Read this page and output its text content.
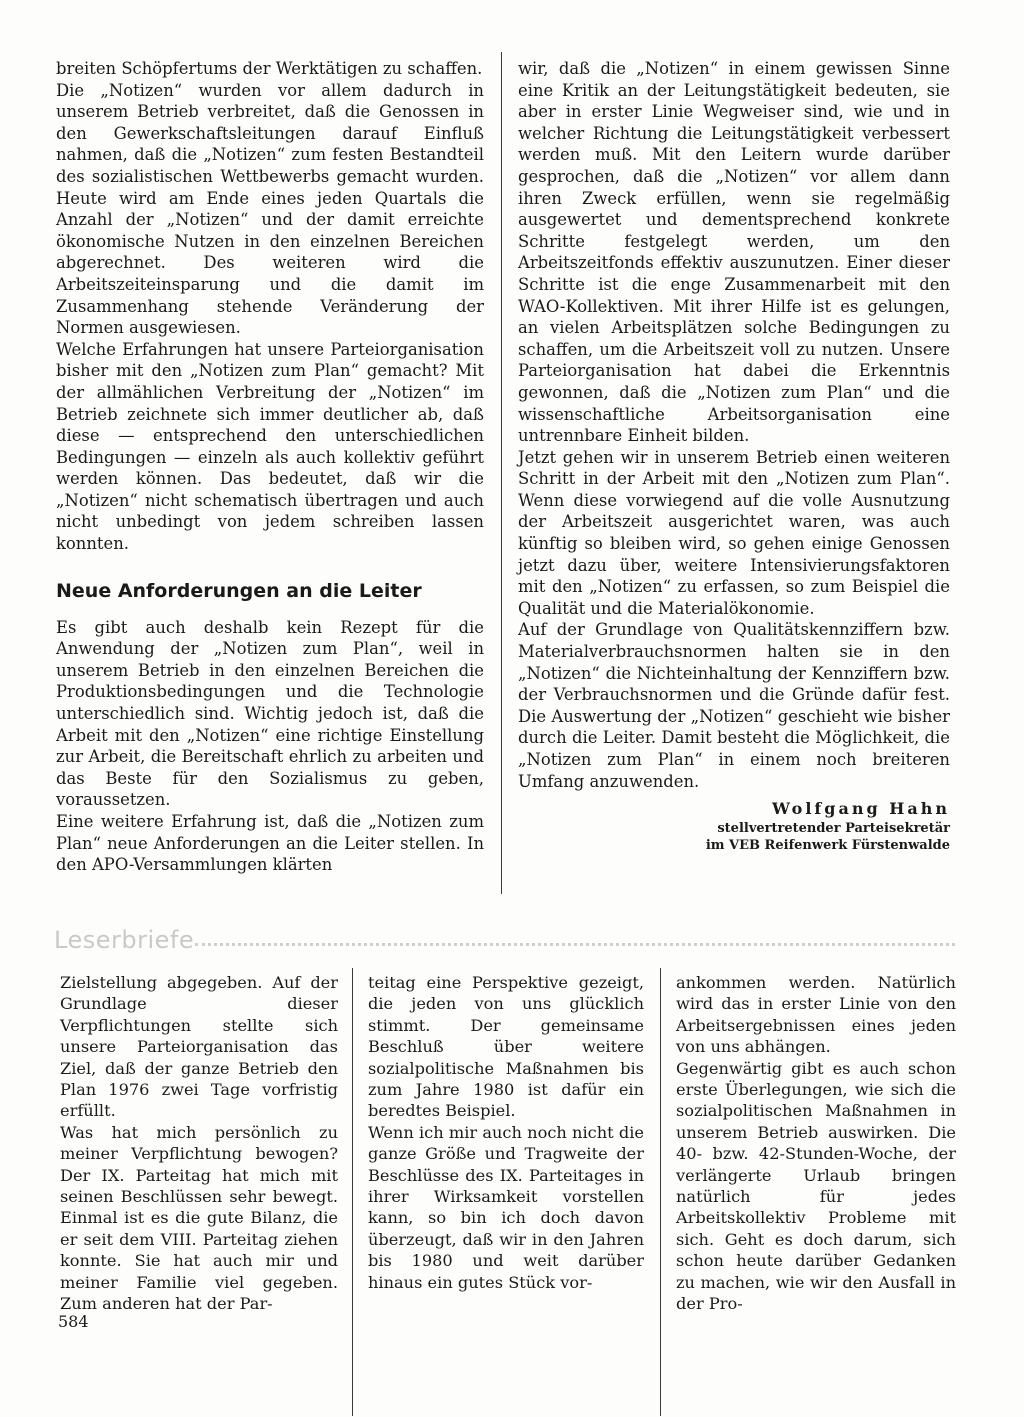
breiten Schöpfertums der Werktätigen zu schaffen.

Die „Notizen“ wurden vor allem dadurch in unserem Betrieb verbreitet, daß die Genossen in den Gewerkschaftsleitungen darauf Einfluß nahmen, daß die „Notizen“ zum festen Bestandteil des sozialistischen Wettbewerbs gemacht wurden. Heute wird am Ende eines jeden Quartals die Anzahl der „Notizen“ und der damit erreichte ökonomische Nutzen in den einzelnen Bereichen abgerechnet. Des weiteren wird die Arbeitszeiteinsparung und die damit im Zusammenhang stehende Veränderung der Normen ausgewiesen.

Welche Erfahrungen hat unsere Parteiorganisation bisher mit den „Notizen zum Plan“ gemacht? Mit der allmählichen Verbreitung der „Notizen“ im Betrieb zeichnete sich immer deutlicher ab, daß diese — entsprechend den unterschiedlichen Bedingungen — einzeln als auch kollektiv geführt werden können. Das bedeutet, daß wir die „Notizen“ nicht schematisch übertragen und auch nicht unbedingt von jedem schreiben lassen konnten.

Neue Anforderungen an die Leiter

Es gibt auch deshalb kein Rezept für die Anwendung der „Notizen zum Plan“, weil in unserem Betrieb in den einzelnen Bereichen die Produktionsbedingungen und die Technologie unterschiedlich sind. Wichtig jedoch ist, daß die Arbeit mit den „Notizen“ eine richtige Einstellung zur Arbeit, die Bereitschaft ehrlich zu arbeiten und das Beste für den Sozialismus zu geben, voraussetzen.

Eine weitere Erfahrung ist, daß die „Notizen zum Plan“ neue Anforderungen an die Leiter stellen. In den APO-Versammlungen klärten

wir, daß die „Notizen“ in einem gewissen Sinne eine Kritik an der Leitungstätigkeit bedeuten, sie aber in erster Linie Wegweiser sind, wie und in welcher Richtung die Leitungstätigkeit verbessert werden muß. Mit den Leitern wurde darüber gesprochen, daß die „Notizen“ vor allem dann ihren Zweck erfüllen, wenn sie regelmäßig ausgewertet und dementsprechend konkrete Schritte festgelegt werden, um den Arbeitszeitfonds effektiv auszunutzen. Einer dieser Schritte ist die enge Zusammenarbeit mit den WAO-Kollektiven. Mit ihrer Hilfe ist es gelungen, an vielen Arbeitsplätzen solche Bedingungen zu schaffen, um die Arbeitszeit voll zu nutzen. Unsere Parteiorganisation hat dabei die Erkenntnis gewonnen, daß die „Notizen zum Plan“ und die wissenschaftliche Arbeitsorganisation eine untrennbare Einheit bilden.

Jetzt gehen wir in unserem Betrieb einen weiteren Schritt in der Arbeit mit den „Notizen zum Plan“. Wenn diese vorwiegend auf die volle Ausnutzung der Arbeitszeit ausgerichtet waren, was auch künftig so bleiben wird, so gehen einige Genossen jetzt dazu über, weitere Intensivierungsfaktoren mit den „Notizen“ zu erfassen, so zum Beispiel die Qualität und die Materialökonomie.

Auf der Grundlage von Qualitätskennziffern bzw. Materialverbrauchsnormen halten sie in den „Notizen“ die Nichteinhaltung der Kennziffern bzw. der Verbrauchsnormen und die Gründe dafür fest. Die Auswertung der „Notizen“ geschieht wie bisher durch die Leiter. Damit besteht die Möglichkeit, die „Notizen zum Plan“ in einem noch breiteren Umfang anzuwenden.

Wolfgang Hahn
stellvertretender Parteisekretär
im VEB Reifenwerk Fürstenwalde
Leserbriefe

Zielstellung abgegeben. Auf der Grundlage dieser Verpflichtungen stellte sich unsere Parteiorganisation das Ziel, daß der ganze Betrieb den Plan 1976 zwei Tage vorfristig erfüllt.

Was hat mich persönlich zu meiner Verpflichtung bewogen? Der IX. Parteitag hat mich mit seinen Beschlüssen sehr bewegt. Einmal ist es die gute Bilanz, die er seit dem VIII. Parteitag ziehen konnte. Sie hat auch mir und meiner Familie viel gegeben. Zum anderen hat der Par-

teitag eine Perspektive gezeigt, die jeden von uns glücklich stimmt. Der gemeinsame Beschluß über weitere sozialpolitische Maßnahmen bis zum Jahre 1980 ist dafür ein beredtes Beispiel.

Wenn ich mir auch noch nicht die ganze Größe und Tragweite der Beschlüsse des IX. Parteitages in ihrer Wirksamkeit vorstellen kann, so bin ich doch davon überzeugt, daß wir in den Jahren bis 1980 und weit darüber hinaus ein gutes Stück vor-

ankommen werden. Natürlich wird das in erster Linie von den Arbeitsergebnissen eines jeden von uns abhängen.

Gegenwärtig gibt es auch schon erste Überlegungen, wie sich die sozialpolitischen Maßnahmen in unserem Betrieb auswirken. Die 40- bzw. 42-Stunden-Woche, der verlängerte Urlaub bringen natürlich für jedes Arbeitskollektiv Probleme mit sich. Geht es doch darum, sich schon heute darüber Gedanken zu machen, wie wir den Ausfall in der Pro-

584
